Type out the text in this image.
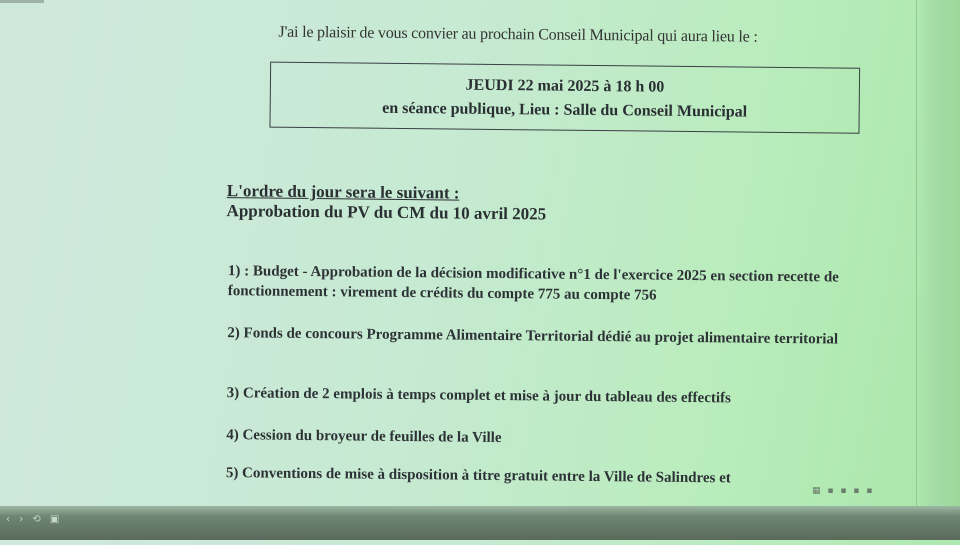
J'ai le plaisir de vous convier au prochain Conseil Municipal qui aura lieu le :
JEUDI 22 mai 2025 à 18 h 00
en séance publique, Lieu : Salle du Conseil Municipal
L'ordre du jour sera le suivant :
Approbation du PV du CM du 10 avril 2025
1) : Budget - Approbation de la décision modificative n°1 de l'exercice 2025 en section recette de fonctionnement : virement de crédits du compte 775 au compte 756
2) Fonds de concours Programme Alimentaire Territorial dédié au projet alimentaire territorial
3) Création de 2 emplois à temps complet et mise à jour du tableau des effectifs
4) Cession du broyeur de feuilles de la Ville
5) Conventions de mise à disposition à titre gratuit entre la Ville de Salindres et
▦ ▪ ▪ ▪ ▪
‹ › ⟲ ▣
